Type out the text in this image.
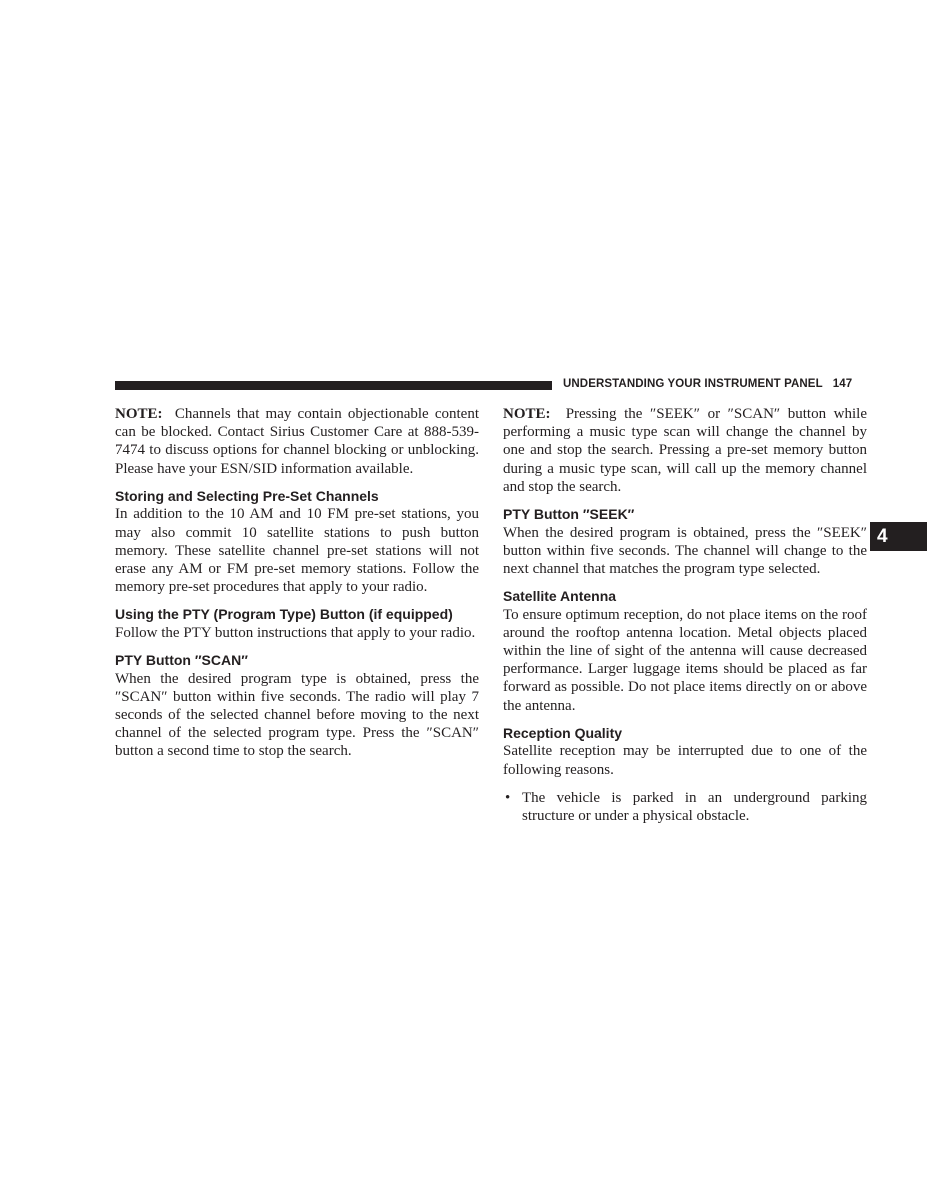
UNDERSTANDING YOUR INSTRUMENT PANEL 147

NOTE: Channels that may contain objectionable content can be blocked. Contact Sirius Customer Care at 888-539-7474 to discuss options for channel blocking or unblocking. Please have your ESN/SID information available.

Storing and Selecting Pre-Set Channels

In addition to the 10 AM and 10 FM pre-set stations, you may also commit 10 satellite stations to push button memory. These satellite channel pre-set stations will not erase any AM or FM pre-set memory stations. Follow the memory pre-set procedures that apply to your radio.

Using the PTY (Program Type) Button (if equipped)

Follow the PTY button instructions that apply to your radio.

PTY Button ″SCAN″

When the desired program type is obtained, press the ″SCAN″ button within five seconds. The radio will play 7 seconds of the selected channel before moving to the next channel of the selected program type. Press the ″SCAN″ button a second time to stop the search.

NOTE: Pressing the ″SEEK″ or ″SCAN″ button while performing a music type scan will change the channel by one and stop the search. Pressing a pre-set memory button during a music type scan, will call up the memory channel and stop the search.

PTY Button ″SEEK″

When the desired program is obtained, press the ″SEEK″ button within five seconds. The channel will change to the next channel that matches the program type selected.

Satellite Antenna

To ensure optimum reception, do not place items on the roof around the rooftop antenna location. Metal objects placed within the line of sight of the antenna will cause decreased performance. Larger luggage items should be placed as far forward as possible. Do not place items directly on or above the antenna.

Reception Quality

Satellite reception may be interrupted due to one of the following reasons.

• The vehicle is parked in an underground parking structure or under a physical obstacle.

4
